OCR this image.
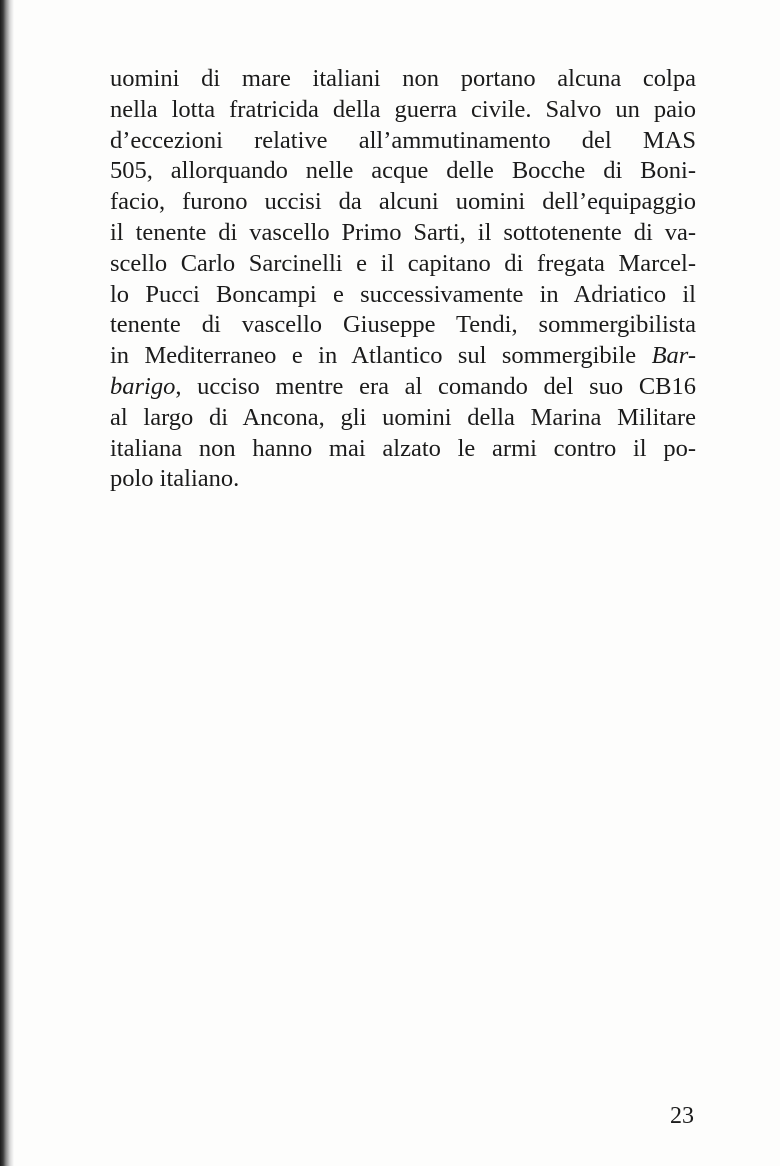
uomini di mare italiani non portano alcuna colpa
nella lotta fratricida della guerra civile. Salvo un paio
d’eccezioni relative all’ammutinamento del MAS
505, allorquando nelle acque delle Bocche di Boni-
facio, furono uccisi da alcuni uomini dell’equipaggio
il tenente di vascello Primo Sarti, il sottotenente di va-
scello Carlo Sarcinelli e il capitano di fregata Marcel-
lo Pucci Boncampi e successivamente in Adriatico il
tenente di vascello Giuseppe Tendi, sommergibilista
in Mediterraneo e in Atlantico sul sommergibile Bar-
barigo, ucciso mentre era al comando del suo CB16
al largo di Ancona, gli uomini della Marina Militare
italiana non hanno mai alzato le armi contro il po-
polo italiano.
23
